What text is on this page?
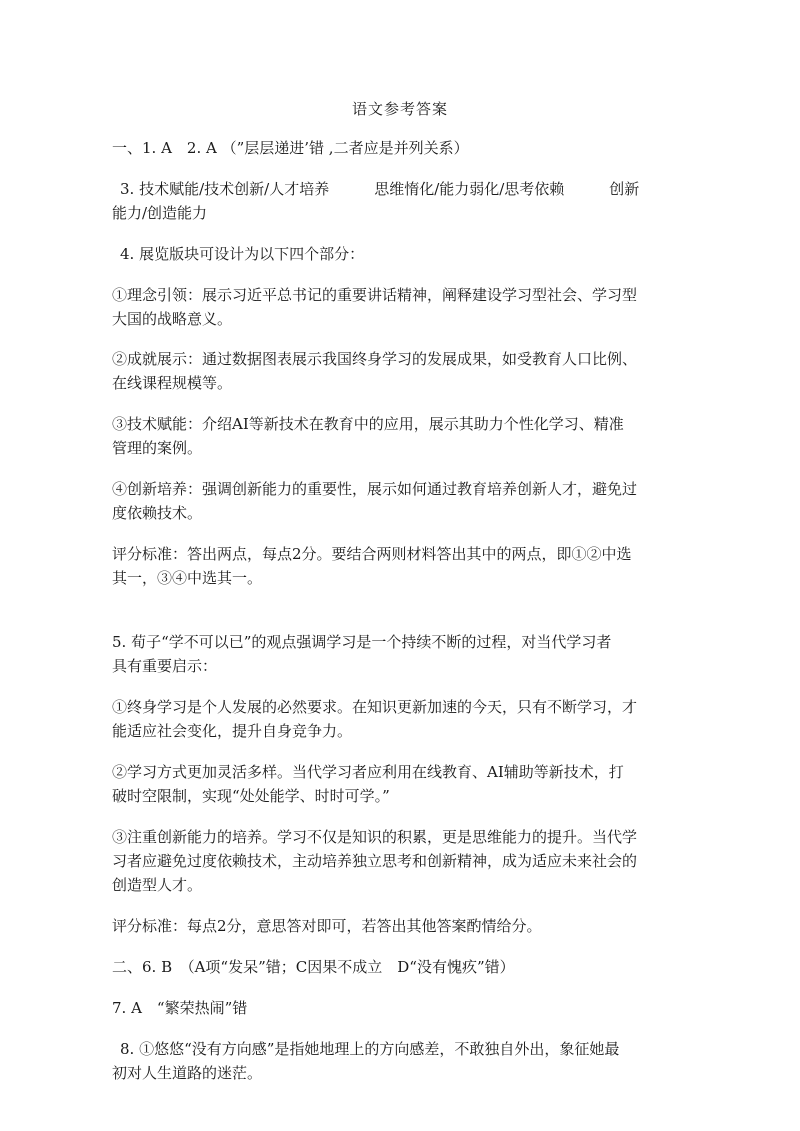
语文参考答案
一、1. A　2. A （”层层递进’错 ,二者应是并列关系）
3. 技术赋能/技术创新/人才培养　　　思维惰化/能力弱化/思考依赖　　　创新
能力/创造能力
4. 展览版块可设计为以下四个部分：
①理念引领：展示习近平总书记的重要讲话精神，阐释建设学习型社会、学习型
大国的战略意义。
②成就展示：通过数据图表展示我国终身学习的发展成果，如受教育人口比例、
在线课程规模等。
③技术赋能：介绍AI等新技术在教育中的应用，展示其助力个性化学习、精准
管理的案例。
④创新培养：强调创新能力的重要性，展示如何通过教育培养创新人才，避免过
度依赖技术。
评分标准：答出两点，每点2分。要结合两则材料答出其中的两点，即①②中选
其一，③④中选其一。
5. 荀子“学不可以已”的观点强调学习是一个持续不断的过程，对当代学习者
具有重要启示：
①终身学习是个人发展的必然要求。在知识更新加速的今天，只有不断学习，才
能适应社会变化，提升自身竞争力。
②学习方式更加灵活多样。当代学习者应利用在线教育、AI辅助等新技术，打
破时空限制，实现“处处能学、时时可学。”
③注重创新能力的培养。学习不仅是知识的积累，更是思维能力的提升。当代学
习者应避免过度依赖技术，主动培养独立思考和创新精神，成为适应未来社会的
创造型人才。
评分标准：每点2分，意思答对即可，若答出其他答案酌情给分。
二、6. B　（A项“发呆”错；C因果不成立　D“没有愧疚”错）
7. A　“繁荣热闹”错
8. ①悠悠“没有方向感”是指她地理上的方向感差，不敢独自外出，象征她最
初对人生道路的迷茫。
